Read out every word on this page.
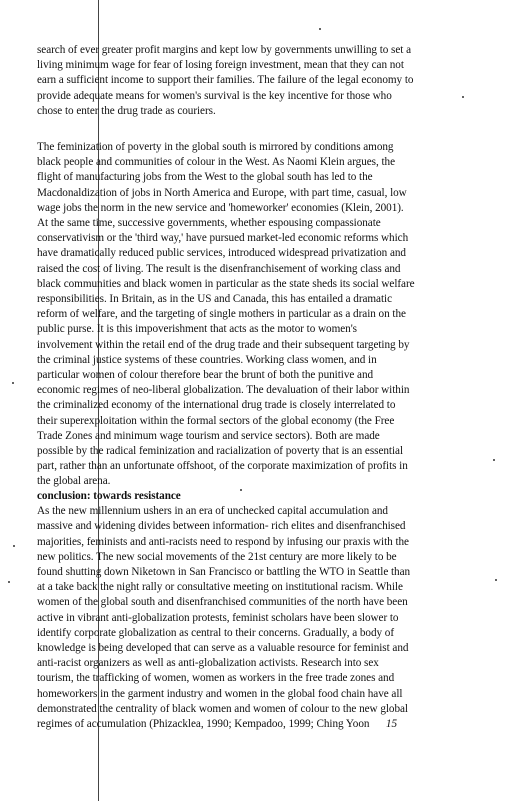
search of ever greater profit margins and kept low by governments unwilling to set a
living minimum wage for fear of losing foreign investment, mean that they can not
earn a sufficient income to support their families. The failure of the legal economy to
provide adequate means for women's survival is the key incentive for those who
chose to enter the drug trade as couriers.
The feminization of poverty in the global south is mirrored by conditions among
black people and communities of colour in the West. As Naomi Klein argues, the
flight of manufacturing jobs from the West to the global south has led to the
Macdonaldization of jobs in North America and Europe, with part time, casual, low
wage jobs the norm in the new service and 'homeworker' economies (Klein, 2001).
At the same time, successive governments, whether espousing compassionate
conservativism or the 'third way,' have pursued market-led economic reforms which
have dramatically reduced public services, introduced widespread privatization and
raised the cost of living. The result is the disenfranchisement of working class and
black communities and black women in particular as the state sheds its social welfare
responsibilities. In Britain, as in the US and Canada, this has entailed a dramatic
reform of welfare, and the targeting of single mothers in particular as a drain on the
public purse. It is this impoverishment that acts as the motor to women's
involvement within the retail end of the drug trade and their subsequent targeting by
the criminal justice systems of these countries. Working class women, and in
particular women of colour therefore bear the brunt of both the punitive and
economic regimes of neo-liberal globalization. The devaluation of their labor within
the criminalized economy of the international drug trade is closely interrelated to
their superexploitation within the formal sectors of the global economy (the Free
Trade Zones and minimum wage tourism and service sectors). Both are made
possible by the radical feminization and racialization of poverty that is an essential
part, rather than an unfortunate offshoot, of the corporate maximization of profits in
the global arena.
conclusion: towards resistance
As the new millennium ushers in an era of unchecked capital accumulation and
massive and widening divides between information- rich elites and disenfranchised
majorities, feminists and anti-racists need to respond by infusing our praxis with the
new politics. The new social movements of the 21st century are more likely to be
found shutting down Niketown in San Francisco or battling the WTO in Seattle than
at a take back the night rally or consultative meeting on institutional racism. While
women of the global south and disenfranchised communities of the north have been
active in vibrant anti-globalization protests, feminist scholars have been slower to
identify corporate globalization as central to their concerns. Gradually, a body of
knowledge is being developed that can serve as a valuable resource for feminist and
anti-racist organizers as well as anti-globalization activists. Research into sex
tourism, the trafficking of women, women as workers in the free trade zones and
homeworkers in the garment industry and women in the global food chain have all
demonstrated the centrality of black women and women of colour to the new global
regimes of accumulation (Phizacklea, 1990; Kempadoo, 1999; Ching Yoon 15
